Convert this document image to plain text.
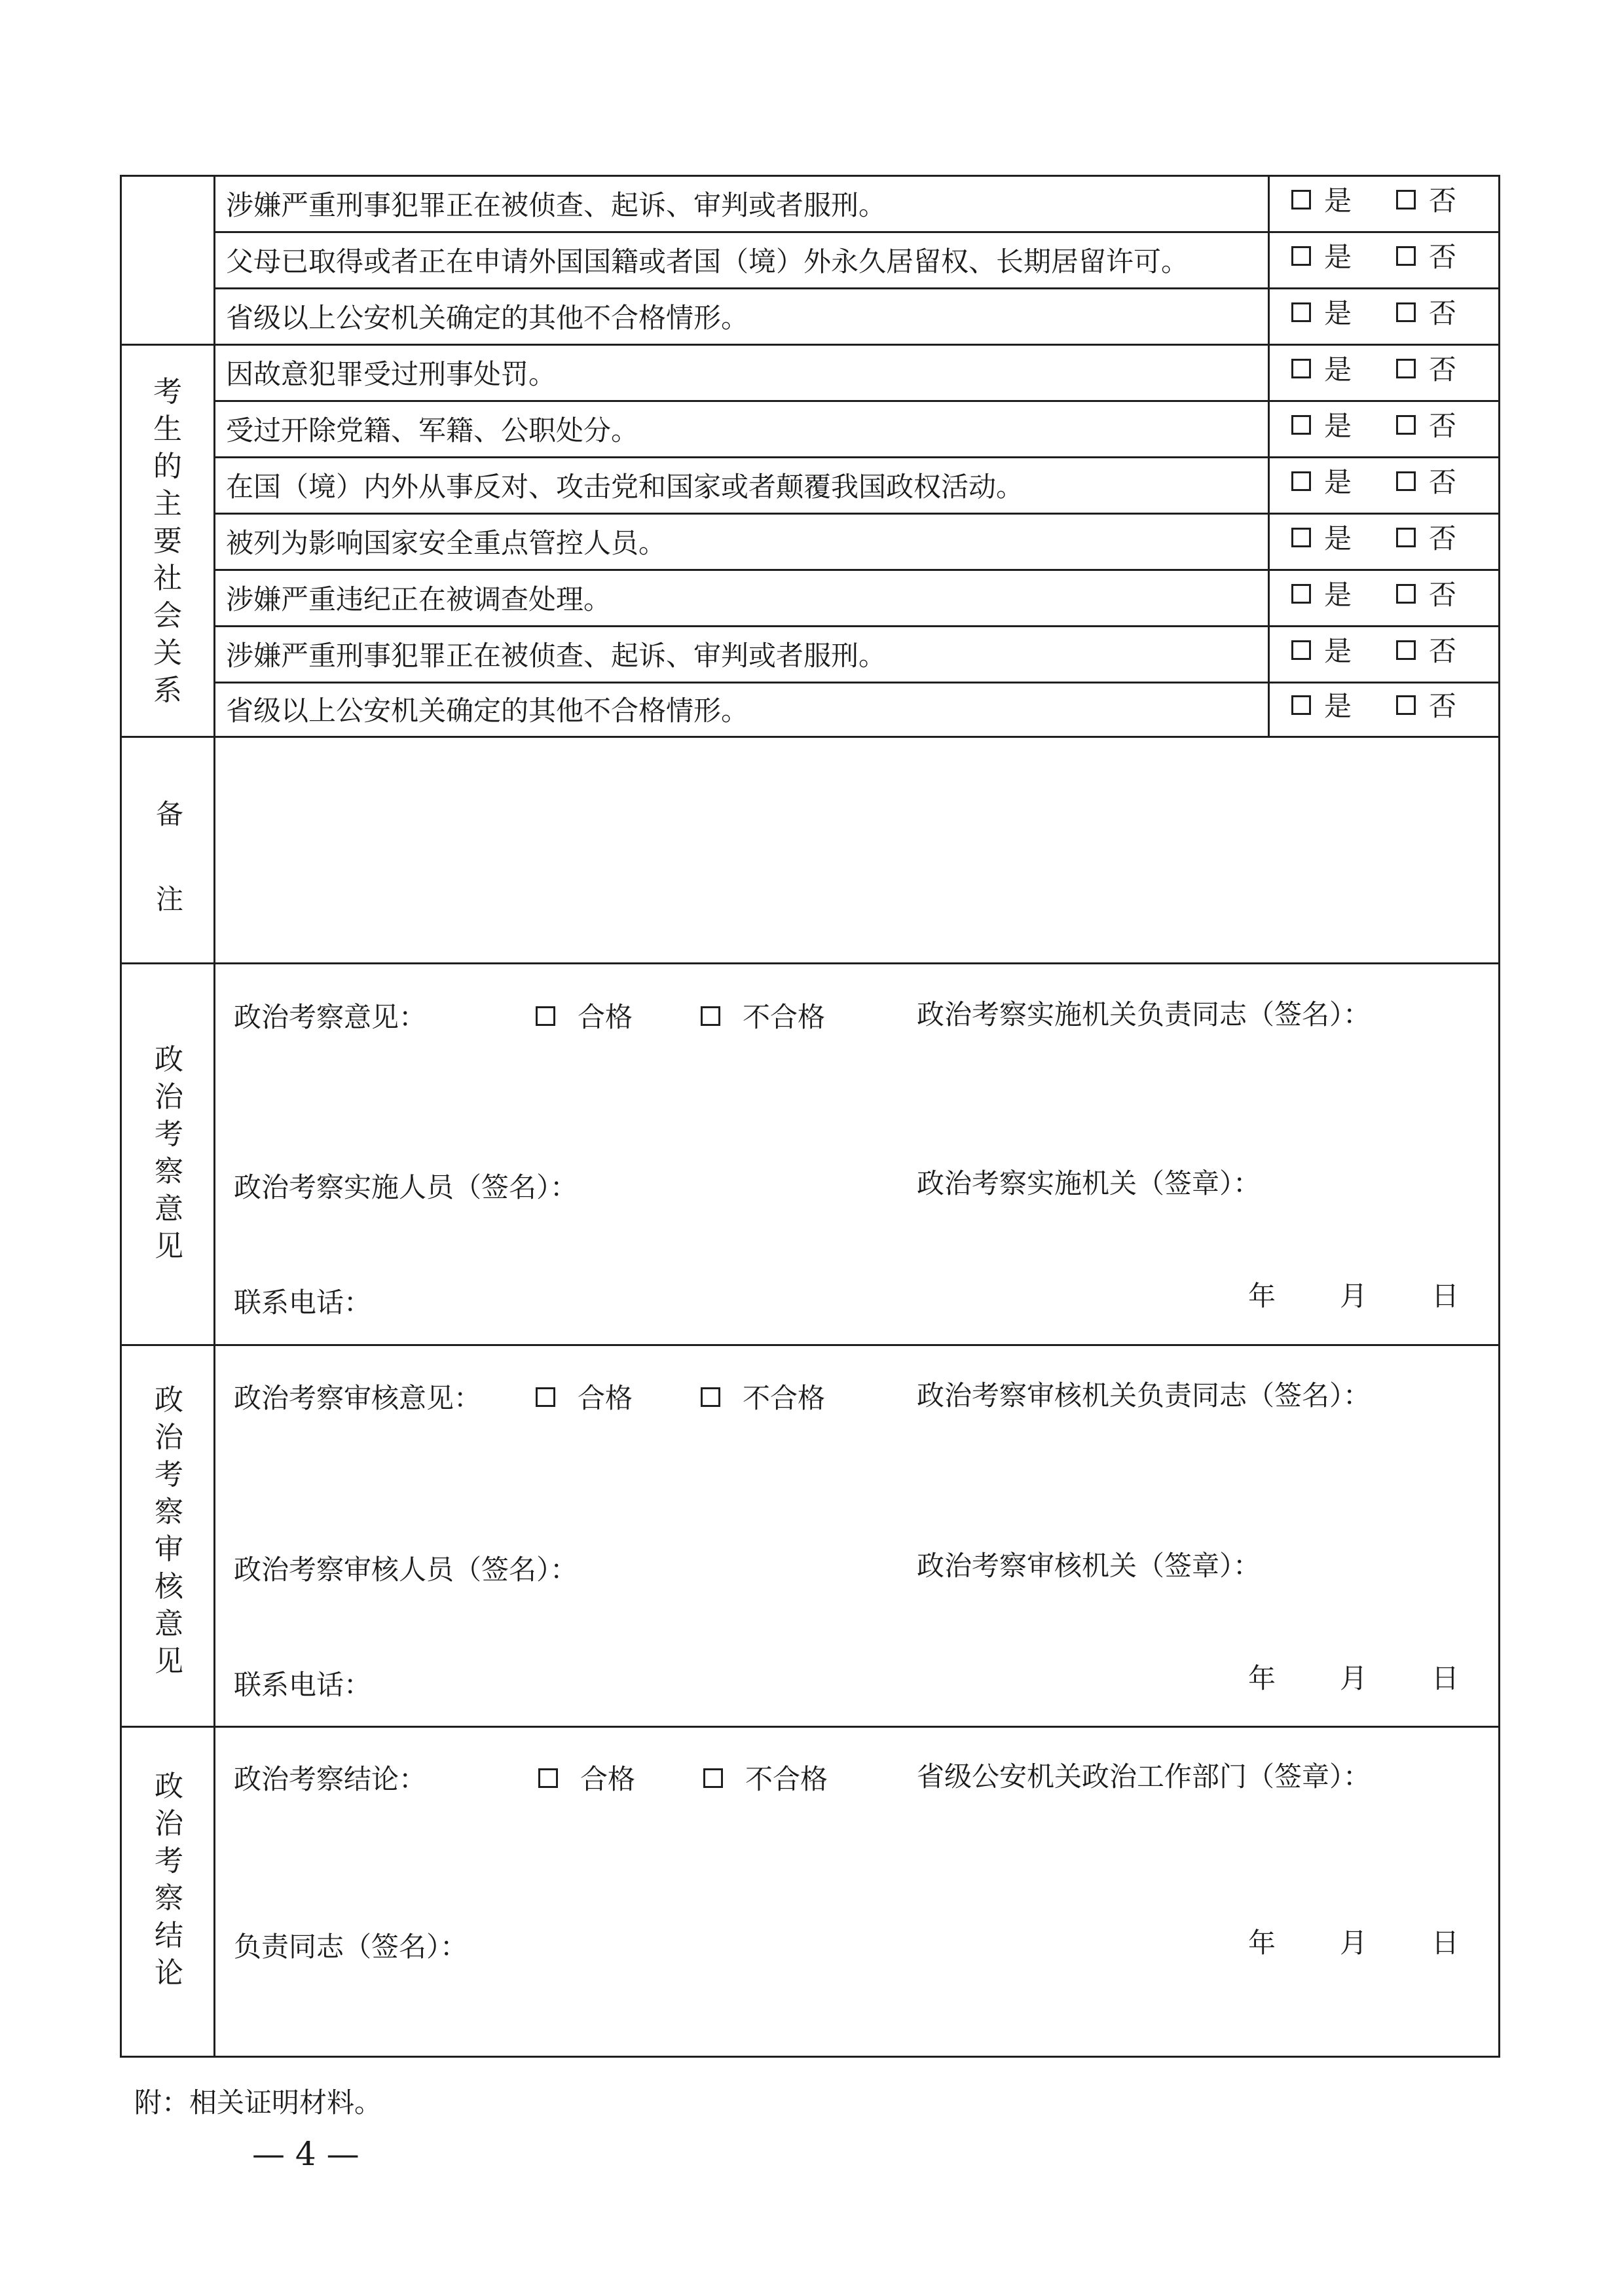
涉嫌严重刑事犯罪正在被侦查、起诉、审判或者服刑。	是	否
父母已取得或者正在申请外国国籍或者国（境）外永久居留权、长期居留许可。	是	否
省级以上公安机关确定的其他不合格情形。	是	否
考生的主要社会关系
因故意犯罪受过刑事处罚。	是	否
受过开除党籍、军籍、公职处分。	是	否
在国（境）内外从事反对、攻击党和国家或者颠覆我国政权活动。	是	否
被列为影响国家安全重点管控人员。	是	否
涉嫌严重违纪正在被调查处理。	是	否
涉嫌严重刑事犯罪正在被侦查、起诉、审判或者服刑。	是	否
省级以上公安机关确定的其他不合格情形。	是	否
备
注
政治考察意见
政治考察意见：	合格	不合格	政治考察实施机关负责同志（签名）：
政治考察实施人员（签名）：	政治考察实施机关（签章）：
联系电话：	年 月 日
政治考察审核意见
政治考察审核意见：	合格	不合格	政治考察审核机关负责同志（签名）：
政治考察审核人员（签名）：	政治考察审核机关（签章）：
联系电话：	年 月 日
政治考察结论
政治考察结论：	合格	不合格	省级公安机关政治工作部门（签章）：
负责同志（签名）：	年 月 日
附：相关证明材料。
— 4 —
